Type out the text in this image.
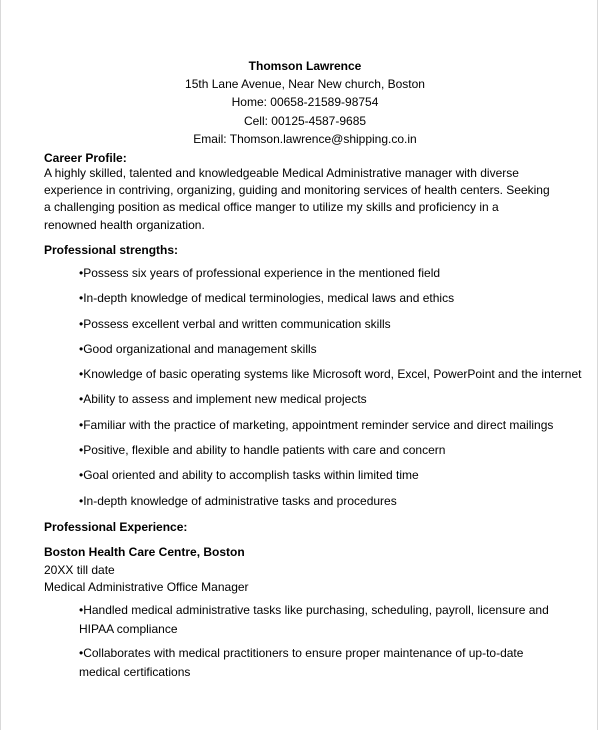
Thomson Lawrence
15th Lane Avenue, Near New church, Boston
Home: 00658-21589-98754
Cell: 00125-4587-9685
Email: Thomson.lawrence@shipping.co.in
Career Profile:
A highly skilled, talented and knowledgeable Medical Administrative manager with diverse experience in contriving, organizing, guiding and monitoring services of health centers. Seeking a challenging position as medical office manger to utilize my skills and proficiency in a renowned health organization.
Professional strengths:
•Possess six years of professional experience in the mentioned field
•In-depth knowledge of medical terminologies, medical laws and ethics
•Possess excellent verbal and written communication skills
•Good organizational and management skills
•Knowledge of basic operating systems like Microsoft word, Excel, PowerPoint and the internet
•Ability to assess and implement new medical projects
•Familiar with the practice of marketing, appointment reminder service and direct mailings
•Positive, flexible and ability to handle patients with care and concern
•Goal oriented and ability to accomplish tasks within limited time
•In-depth knowledge of administrative tasks and procedures
Professional Experience:
Boston Health Care Centre, Boston
20XX till date
Medical Administrative Office Manager
•Handled medical administrative tasks like purchasing, scheduling, payroll, licensure and HIPAA compliance
•Collaborates with medical practitioners to ensure proper maintenance of up-to-date medical certifications
